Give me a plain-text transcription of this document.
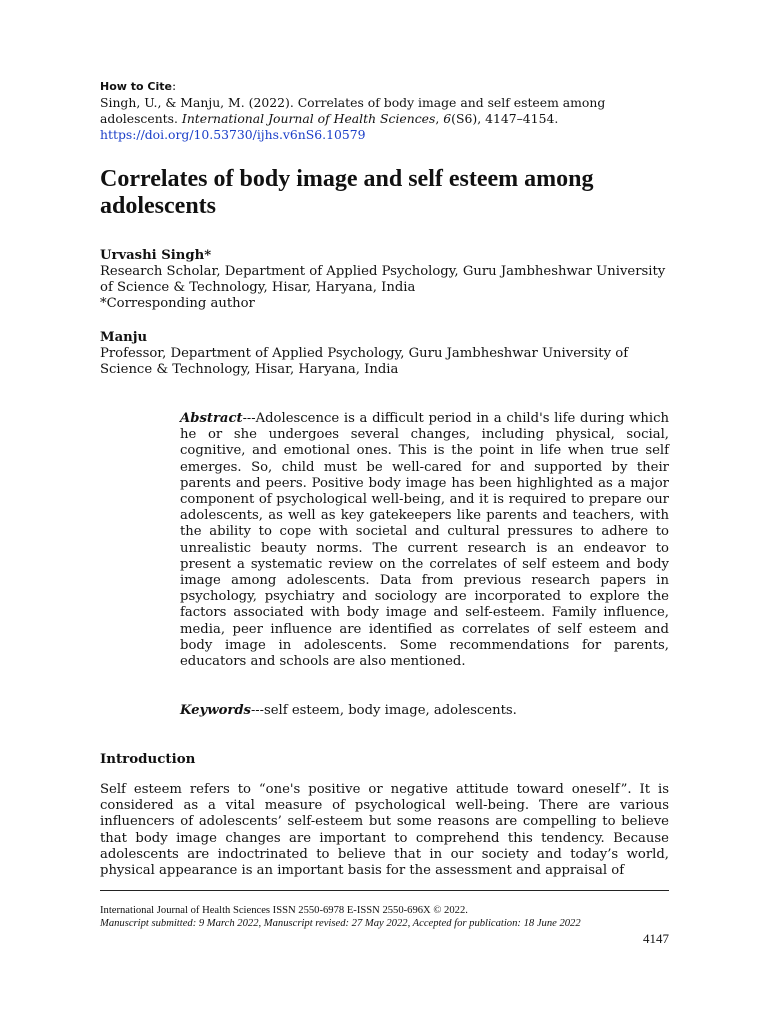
How to Cite:
Singh, U., & Manju, M. (2022). Correlates of body image and self esteem among adolescents. International Journal of Health Sciences, 6(S6), 4147–4154.
https://doi.org/10.53730/ijhs.v6nS6.10579
Correlates of body image and self esteem among adolescents
Urvashi Singh*
Research Scholar, Department of Applied Psychology, Guru Jambheshwar University of Science & Technology, Hisar, Haryana, India
*Corresponding author
Manju
Professor, Department of Applied Psychology, Guru Jambheshwar University of Science & Technology, Hisar, Haryana, India
Abstract---Adolescence is a difficult period in a child's life during which he or she undergoes several changes, including physical, social, cognitive, and emotional ones. This is the point in life when true self emerges. So, child must be well-cared for and supported by their parents and peers. Positive body image has been highlighted as a major component of psychological well-being, and it is required to prepare our adolescents, as well as key gatekeepers like parents and teachers, with the ability to cope with societal and cultural pressures to adhere to unrealistic beauty norms. The current research is an endeavor to present a systematic review on the correlates of self esteem and body image among adolescents. Data from previous research papers in psychology, psychiatry and sociology are incorporated to explore the factors associated with body image and self-esteem. Family influence, media, peer influence are identified as correlates of self esteem and body image in adolescents. Some recommendations for parents, educators and schools are also mentioned.
Keywords---self esteem, body image, adolescents.
Introduction

Self esteem refers to “one's positive or negative attitude toward oneself”. It is considered as a vital measure of psychological well-being. There are various influencers of adolescents’ self-esteem but some reasons are compelling to believe that body image changes are important to comprehend this tendency. Because adolescents are indoctrinated to believe that in our society and today’s world, physical appearance is an important basis for the assessment and appraisal of

International Journal of Health Sciences ISSN 2550-6978 E-ISSN 2550-696X © 2022.
Manuscript submitted: 9 March 2022, Manuscript revised: 27 May 2022, Accepted for publication: 18 June 2022
4147
